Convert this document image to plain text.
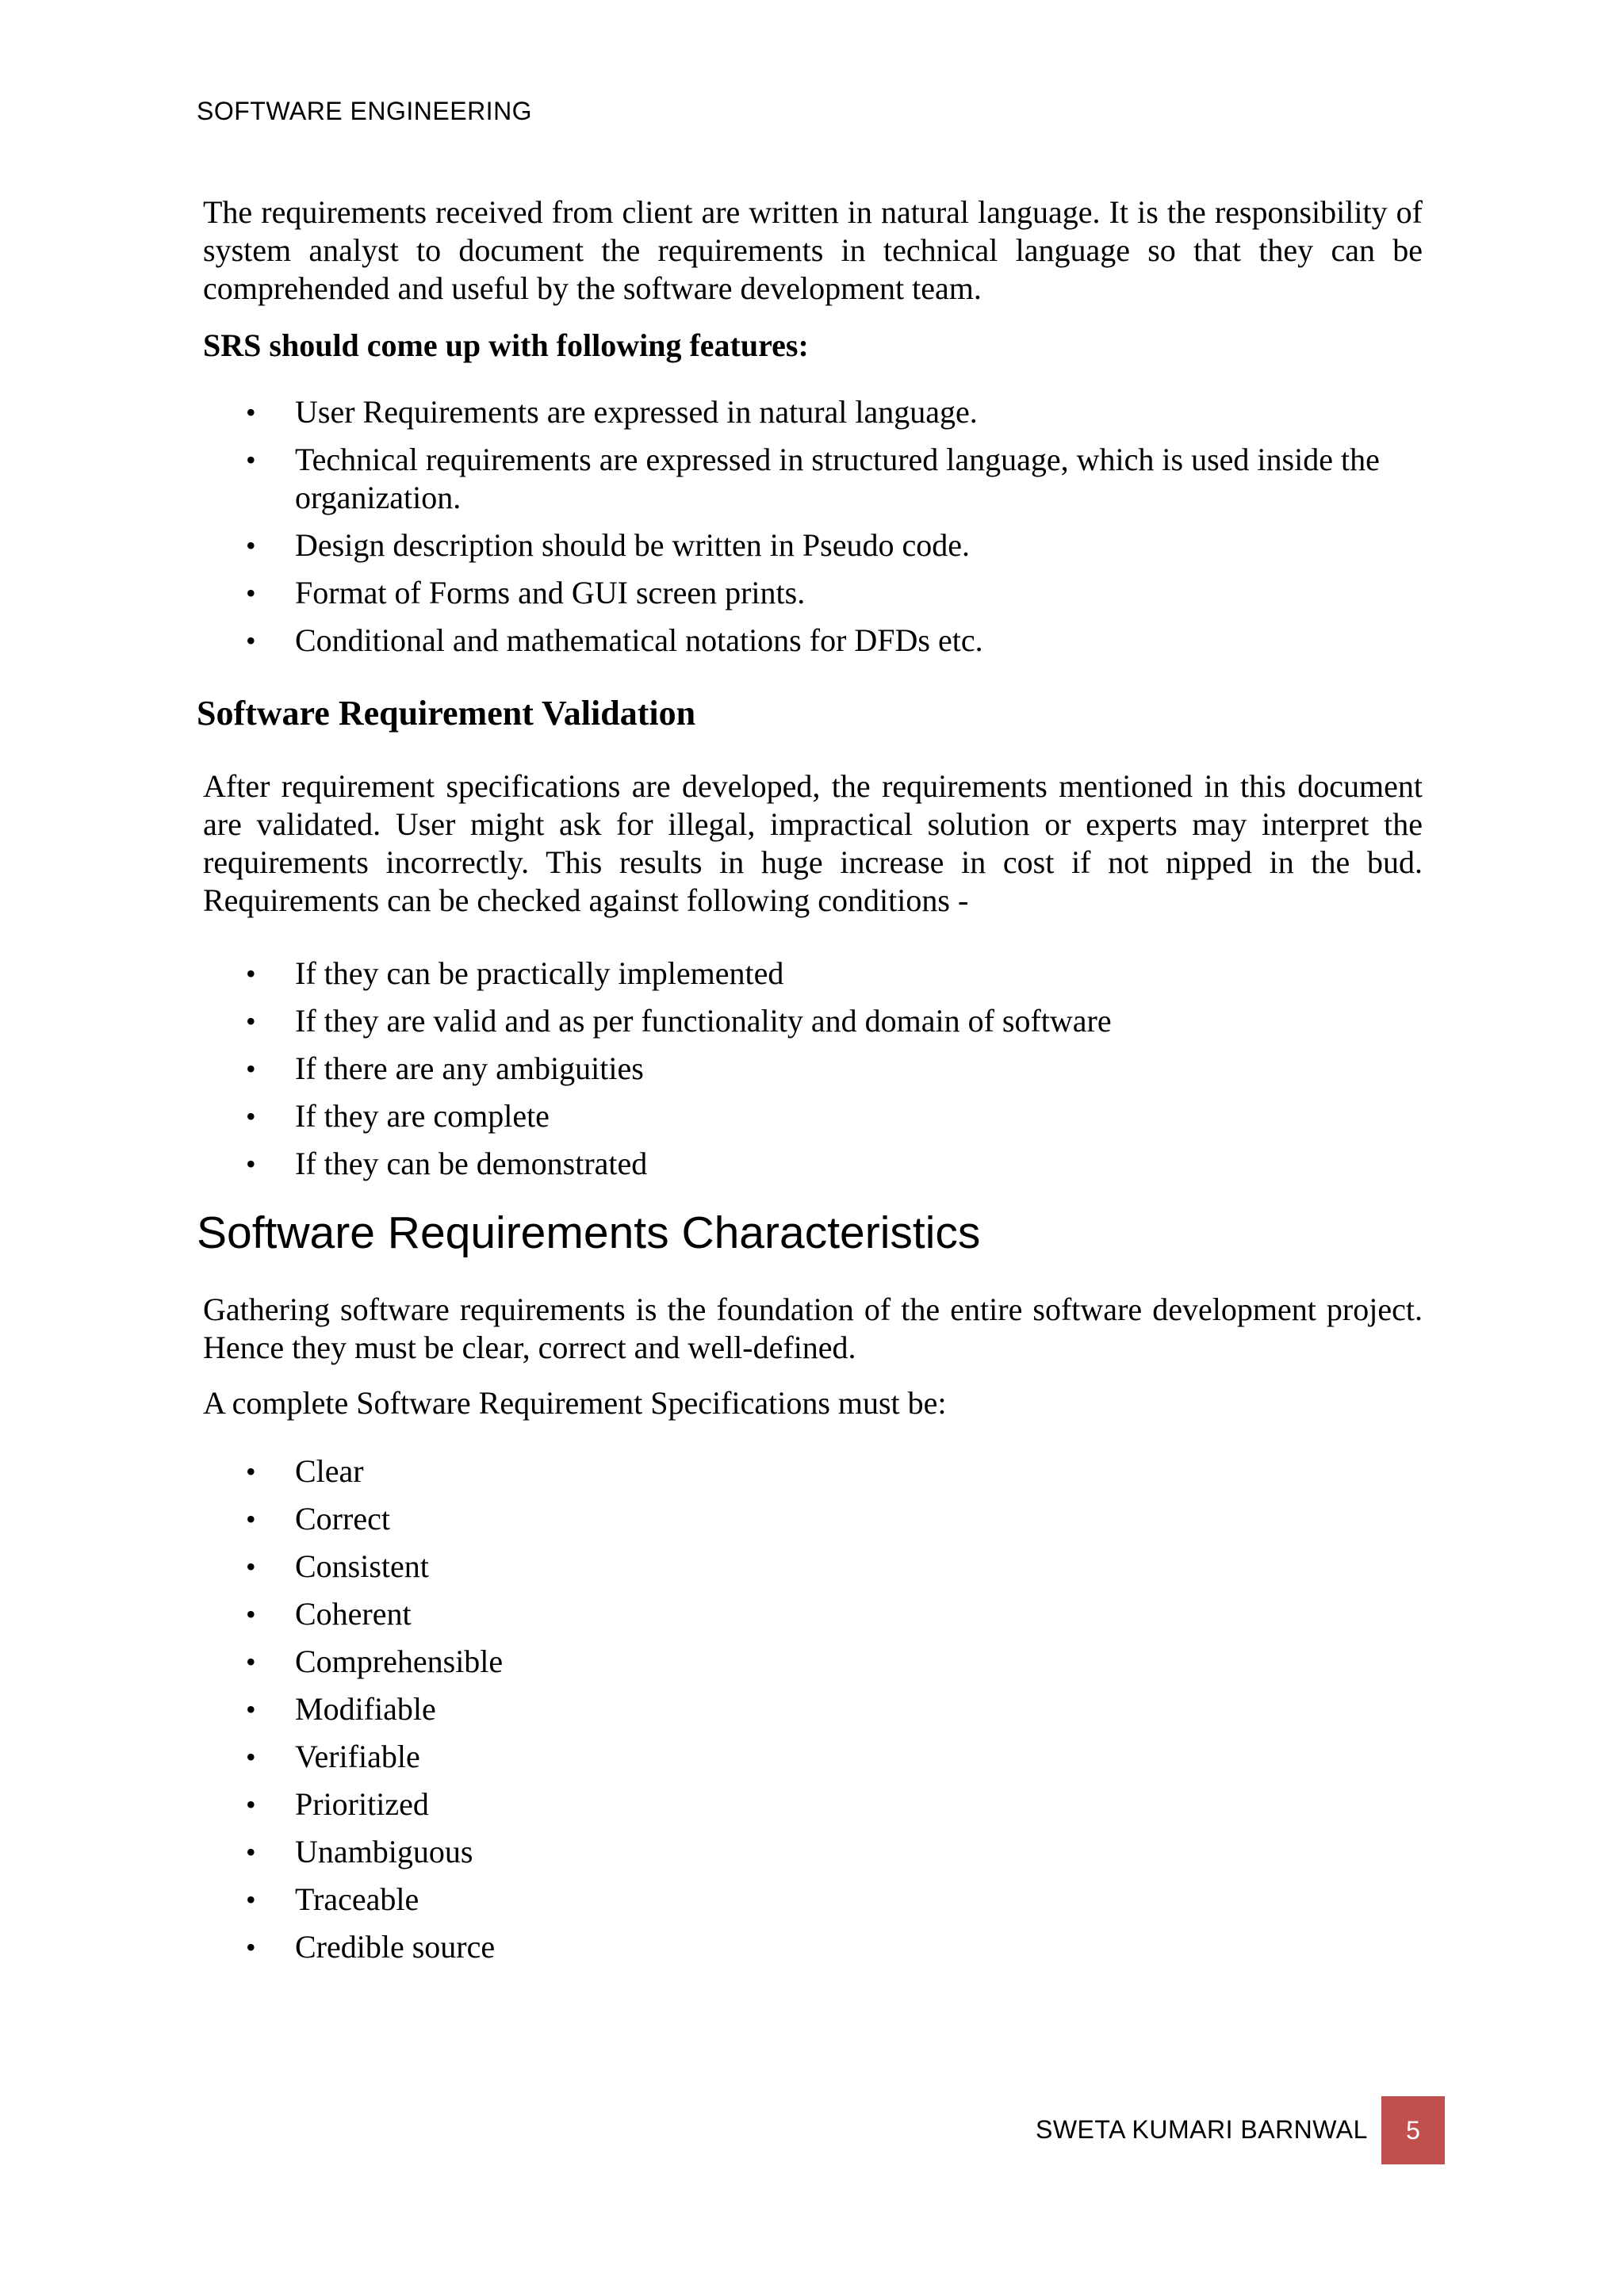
SOFTWARE ENGINEERING

The requirements received from client are written in natural language. It is the responsibility of system analyst to document the requirements in technical language so that they can be comprehended and useful by the software development team.

SRS should come up with following features:

• User Requirements are expressed in natural language.
• Technical requirements are expressed in structured language, which is used inside the organization.
• Design description should be written in Pseudo code.
• Format of Forms and GUI screen prints.
• Conditional and mathematical notations for DFDs etc.

Software Requirement Validation

After requirement specifications are developed, the requirements mentioned in this document are validated. User might ask for illegal, impractical solution or experts may interpret the requirements incorrectly. This results in huge increase in cost if not nipped in the bud. Requirements can be checked against following conditions -

• If they can be practically implemented
• If they are valid and as per functionality and domain of software
• If there are any ambiguities
• If they are complete
• If they can be demonstrated

Software Requirements Characteristics

Gathering software requirements is the foundation of the entire software development project. Hence they must be clear, correct and well-defined.

A complete Software Requirement Specifications must be:

• Clear
• Correct
• Consistent
• Coherent
• Comprehensible
• Modifiable
• Verifiable
• Prioritized
• Unambiguous
• Traceable
• Credible source
SWETA KUMARI BARNWAL	5
